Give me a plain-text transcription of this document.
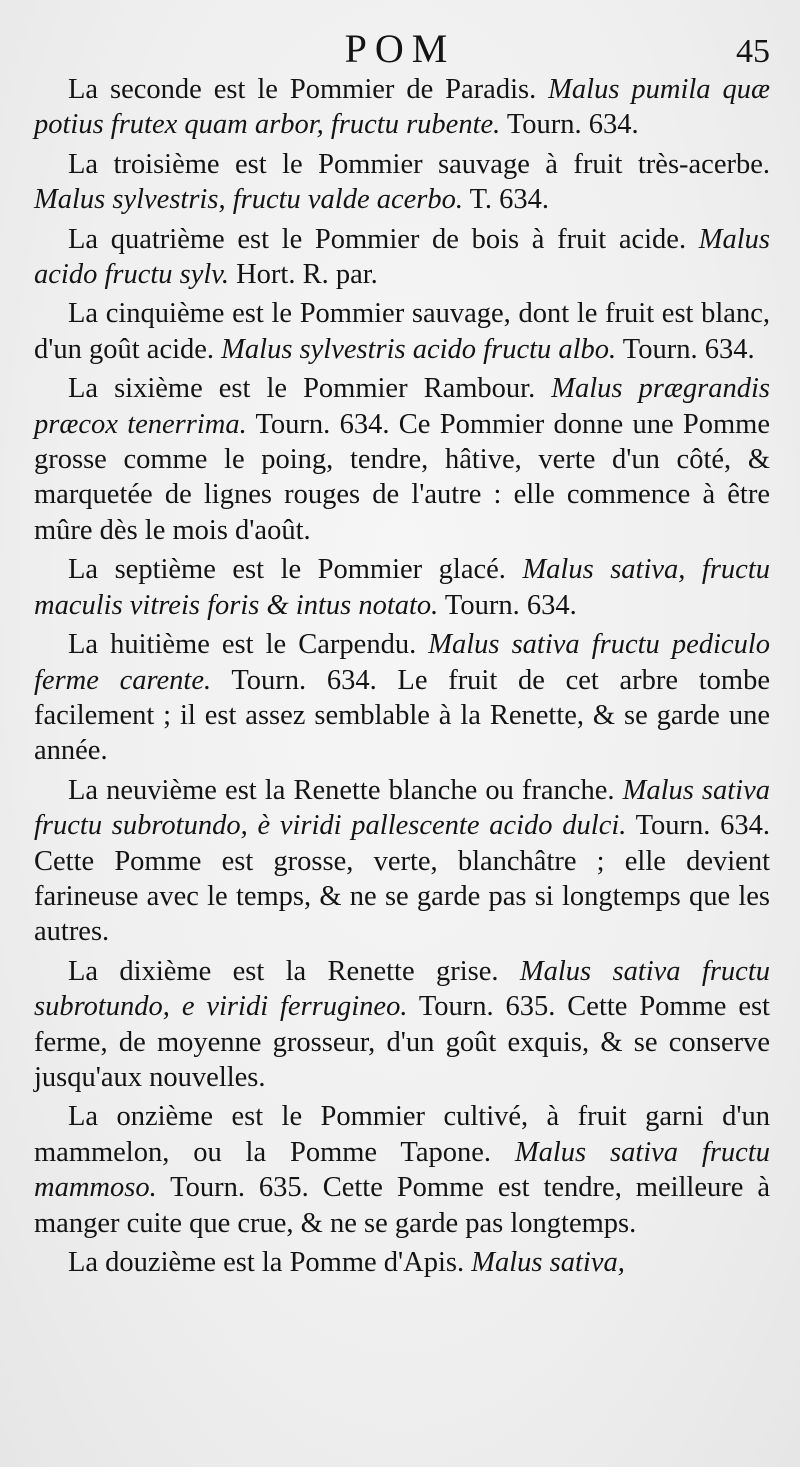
POM	45

La seconde est le Pommier de Paradis. Malus pumila quæ potius frutex quam arbor, fructu rubente. Tourn. 634.

La troisième est le Pommier sauvage à fruit très-acerbe. Malus sylvestris, fructu valde acerbo. T. 634.

La quatrième est le Pommier de bois à fruit acide. Malus acido fructu sylv. Hort. R. par.

La cinquième est le Pommier sauvage, dont le fruit est blanc, d'un goût acide. Malus sylvestris acido fructu albo. Tourn. 634.

La sixième est le Pommier Rambour. Malus prægrandis præcox tenerrima. Tourn. 634. Ce Pommier donne une Pomme grosse comme le poing, tendre, hâtive, verte d'un côté, & marquetée de lignes rouges de l'autre : elle commence à être mûre dès le mois d'août.

La septième est le Pommier glacé. Malus sativa, fructu maculis vitreis foris & intus notato. Tourn. 634.

La huitième est le Carpendu. Malus sativa fructu pediculo ferme carente. Tourn. 634. Le fruit de cet arbre tombe facilement ; il est assez semblable à la Renette, & se garde une année.

La neuvième est la Renette blanche ou franche. Malus sativa fructu subrotundo, è viridi pallescente acido dulci. Tourn. 634. Cette Pomme est grosse, verte, blanchâtre ; elle devient farineuse avec le temps, & ne se garde pas si longtemps que les autres.

La dixième est la Renette grise. Malus sativa fructu subrotundo, e viridi ferrugineo. Tourn. 635. Cette Pomme est ferme, de moyenne grosseur, d'un goût exquis, & se conserve jusqu'aux nouvelles.

La onzième est le Pommier cultivé, à fruit garni d'un mammelon, ou la Pomme Tapone. Malus sativa fructu mammoso. Tourn. 635. Cette Pomme est tendre, meilleure à manger cuite que crue, & ne se garde pas longtemps.

La douzième est la Pomme d'Apis. Malus sativa,
